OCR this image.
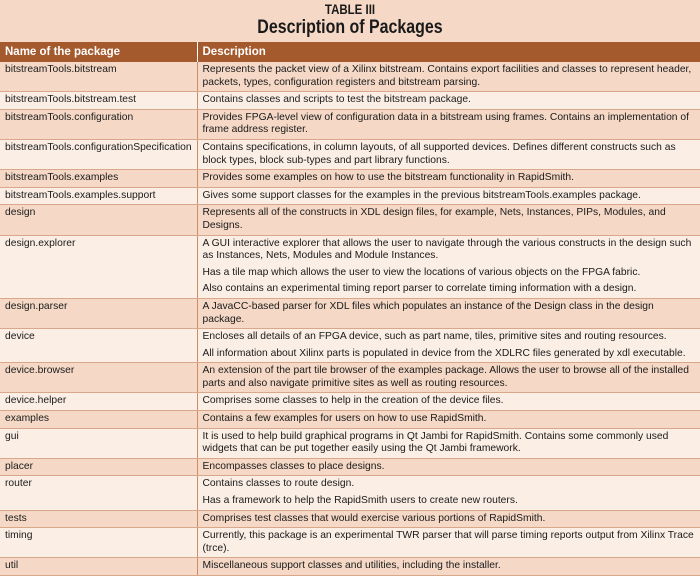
TABLE III
Description of Packages
Name of the package	Description
bitstreamTools.bitstream	Represents the packet view of a Xilinx bitstream. Contains export facilities and classes to represent header, packets, types, configuration registers and bitstream parsing.

bitstreamTools.bitstream.test	Contains classes and scripts to test the bitstream package.

bitstreamTools.configuration	Provides FPGA-level view of configuration data in a bitstream using frames. Contains an implementation of frame address register.

bitstreamTools.configurationSpecification	Contains specifications, in column layouts, of all supported devices. Defines different constructs such as block types, block sub-types and part library functions.

bitstreamTools.examples	Provides some examples on how to use the bitstream functionality in RapidSmith.

bitstreamTools.examples.support	Gives some support classes for the examples in the previous bitstreamTools.examples package.

design	Represents all of the constructs in XDL design files, for example, Nets, Instances, PIPs, Modules, and Designs.

design.explorer	A GUI interactive explorer that allows the user to navigate through the various constructs in the design such as Instances, Nets, Modules and Module Instances.
Has a tile map which allows the user to view the locations of various objects on the FPGA fabric.
Also contains an experimental timing report parser to correlate timing information with a design.

design.parser	A JavaCC-based parser for XDL files which populates an instance of the Design class in the design package.

device	Encloses all details of an FPGA device, such as part name, tiles, primitive sites and routing resources.
All information about Xilinx parts is populated in device from the XDLRC files generated by xdl executable.

device.browser	An extension of the part tile browser of the examples package. Allows the user to browse all of the installed parts and also navigate primitive sites as well as routing resources.

device.helper	Comprises some classes to help in the creation of the device files.

examples	Contains a few examples for users on how to use RapidSmith.

gui	It is used to help build graphical programs in Qt Jambi for RapidSmith. Contains some commonly used widgets that can be put together easily using the Qt Jambi framework.

placer	Encompasses classes to place designs.

router	Contains classes to route design.
Has a framework to help the RapidSmith users to create new routers.

tests	Comprises test classes that would exercise various portions of RapidSmith.

timing	Currently, this package is an experimental TWR parser that will parse timing reports output from Xilinx Trace (trce).

util	Miscellaneous support classes and utilities, including the installer.
